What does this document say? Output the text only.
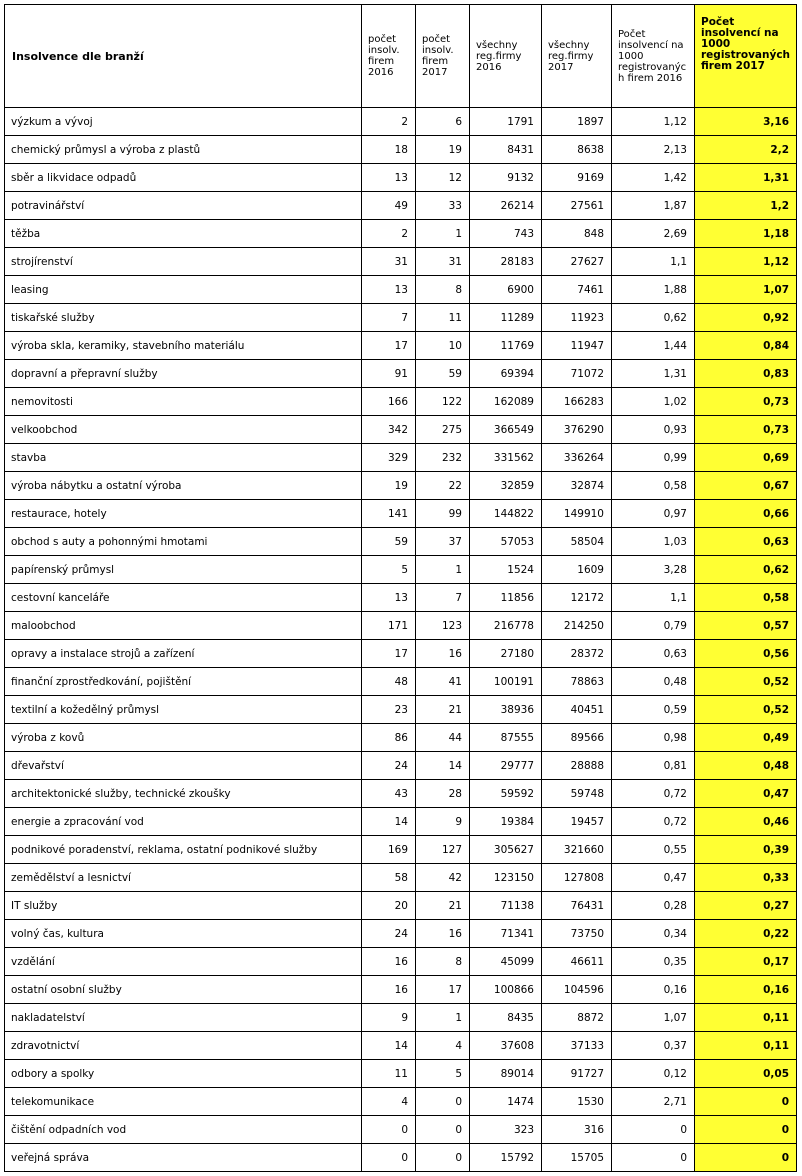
Insolvence dle branží	počet
insolv.
firem
2016	počet
insolv.
firem
2017	všechny
reg.firmy
2016	všechny
reg.firmy
2017	Počet
insolvencí na
1000
registrovanýc
h firem 2016	Počet
insolvencí na
1000
registrovaných
firem 2017
výzkum a vývoj	2	6	1791	1897	1,12	3,16
chemický průmysl a výroba z plastů	18	19	8431	8638	2,13	2,2
sběr a likvidace odpadů	13	12	9132	9169	1,42	1,31
potravinářství	49	33	26214	27561	1,87	1,2
těžba	2	1	743	848	2,69	1,18
strojírenství	31	31	28183	27627	1,1	1,12
leasing	13	8	6900	7461	1,88	1,07
tiskařské služby	7	11	11289	11923	0,62	0,92
výroba skla, keramiky, stavebního materiálu	17	10	11769	11947	1,44	0,84
dopravní a přepravní služby	91	59	69394	71072	1,31	0,83
nemovitosti	166	122	162089	166283	1,02	0,73
velkoobchod	342	275	366549	376290	0,93	0,73
stavba	329	232	331562	336264	0,99	0,69
výroba nábytku a ostatní výroba	19	22	32859	32874	0,58	0,67
restaurace, hotely	141	99	144822	149910	0,97	0,66
obchod s auty a pohonnými hmotami	59	37	57053	58504	1,03	0,63
papírenský průmysl	5	1	1524	1609	3,28	0,62
cestovní kanceláře	13	7	11856	12172	1,1	0,58
maloobchod	171	123	216778	214250	0,79	0,57
opravy a instalace strojů a zařízení	17	16	27180	28372	0,63	0,56
finanční zprostředkování, pojištění	48	41	100191	78863	0,48	0,52
textilní a kožedělný průmysl	23	21	38936	40451	0,59	0,52
výroba z kovů	86	44	87555	89566	0,98	0,49
dřevařství	24	14	29777	28888	0,81	0,48
architektonické služby, technické zkoušky	43	28	59592	59748	0,72	0,47
energie a zpracování vod	14	9	19384	19457	0,72	0,46
podnikové poradenství, reklama, ostatní podnikové služby	169	127	305627	321660	0,55	0,39
zemědělství a lesnictví	58	42	123150	127808	0,47	0,33
IT služby	20	21	71138	76431	0,28	0,27
volný čas, kultura	24	16	71341	73750	0,34	0,22
vzdělání	16	8	45099	46611	0,35	0,17
ostatní osobní služby	16	17	100866	104596	0,16	0,16
nakladatelství	9	1	8435	8872	1,07	0,11
zdravotnictví	14	4	37608	37133	0,37	0,11
odbory a spolky	11	5	89014	91727	0,12	0,05
telekomunikace	4	0	1474	1530	2,71	0
čištění odpadních vod	0	0	323	316	0	0
veřejná správa	0	0	15792	15705	0	0
